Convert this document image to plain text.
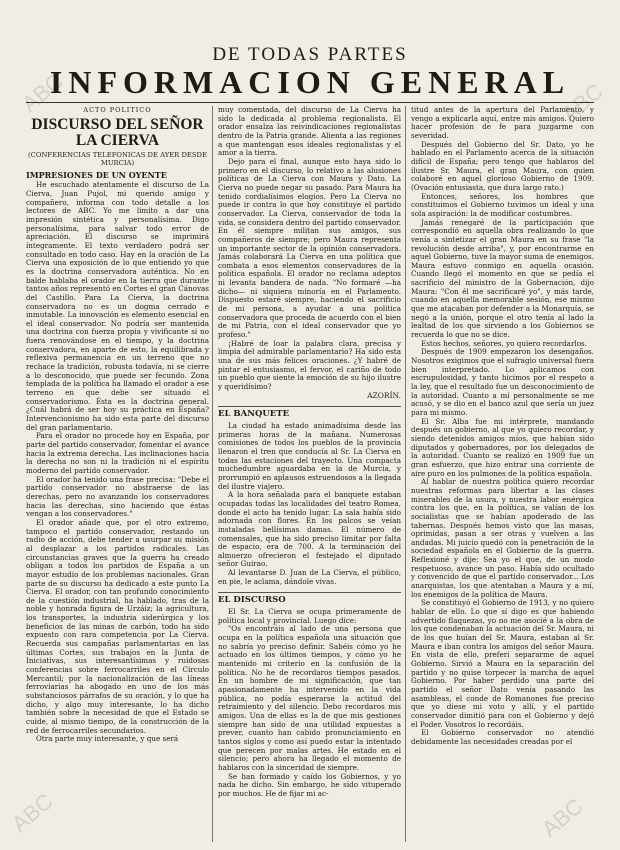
ABC	ABC
ABC	ABC
DE TODAS PARTES
INFORMACION GENERAL
ACTO POLITICO
DISCURSO DEL SEÑOR LA CIERVA
(CONFERENCIAS TELEFONICAS DE AYER DESDE MURCIA)
IMPRESIONES DE UN OYENTE

He escuchado atentamente el discurso de La Cierva, Juan Pujol, mi querido amigo y compañero, informa con todo detalle a los lectores de ABC. Yo me limito a dar una impresión sintética y personalísima. Digo personalísima, para salvar todo error de apreciación. El discurso se imprimirá íntegramente. El texto verdadero podrá ser consultado en todo caso. Hay en la oración de La Cierva una exposición de lo que entiendo yo que es la doctrina conservadora auténtica. No en balde hablaba el orador en la tierra que durante tantos años representó en Cortes el gran Cánovas del Castillo. Para La Cierva, la doctrina conservadora no es un dogma cerrado e inmutable. La innovación es elemento esencial en el ideal conservador. No podría ser mantenida una doctrina con fuerza propia y vivificante si no fuera renovándose en el tiempo, y la doctrina conservadora, en aparte de esto, la equilibrada y reflexiva permanencia en un terreno que no rechace la tradición, robusta todavía, ni se cierre a lo desconocido, que puede ser fecundo. Zona templada de la política ha llamado el orador a ese terreno en que debe ser situado el conservadorismo. Ésta es la doctrina general. ¿Cuál habrá de ser hoy su práctica en España? Intervencionismo ha sido esta parte del discurso del gran parlamentario.

Para el orador no procede hoy en España, por parte del partido conservador, fomentar el avance hacia la extrema derecha. Las inclinaciones hacia la derecha no son ni la tradición ni el espíritu moderno del partido conservador.

El orador ha tenido una frase precisa: "Debe el partido conservador no abstraerse de las derechas, pero no avanzando los conservadores hacia las derechas, sino haciendo que éstas vengan a los conservadores."

El orador añade que, por el otro extremo, tampoco el partido conservador, restando un radio de acción, debe tender a usurpar su misión al desplazar a los partidos radicales. Las circunstancias graves que la guerra ha creado obligan a todos los partidos de España a un mayor estudio de los problemas nacionales. Gran parte de su discurso ha dedicado a este punto La Cierva. El orador, con tan profundo conocimiento de la cuestión industrial, ha hablado, tras de la noble y honrada figura de Urzáiz; la agricultura, los transportes, la industria siderúrgica y los beneficios de las minas de carbón, todo ha sido expuesto con rara competencia por La Cierva. Recuerda sus campañas parlamentarias en las últimas Cortes, sus trabajos en la Junta de Iniciativas, sus interesantísimas y ruidosas conferencias sobre ferrocarriles en el Círculo Mercantil; por la nacionalización de las líneas ferroviarias ha abogado en uno de los más substanciosos párrafos de su oración, y lo que ha dicho, y algo muy interesante, lo ha dicho también sobre la necesidad de que el Estado se cuide, al mismo tiempo, de la construcción de la red de ferrocarriles secundarios.

Otra parte muy interesante, y que será

muy comentada, del discurso de La Cierva ha sido la dedicada al problema regionalista. El orador ensalza las reivindicaciones regionalistas dentro de la Patria grande. Alienta a las regiones a que mantengan esos ideales regionalistas y el amor a la tierra.

Dejo para el final, aunque esto haya sido lo primero en el discurso, lo relativo a las alusiones políticas de La Cierva con Maura y Dato. La Cierva no puede negar su pasado. Para Maura ha tenido cordialísimos elogios. Pero La Cierva no puede ir contra lo que hoy constituye el partido conservador. La Cierva, conservador de toda la vida, se considera dentro del partido conservador. En él siempre militan sus amigos, sus compañeros de siempre; pero Maura representa un importante sector de la opinión conservadora. Jamás colaborará La Cierva en una política que combata a esos elementos conservadores de la política española. El orador no reclama adeptos ni levanta bandera de nada. "No formaré —ha dicho— ni siquiera minoría en el Parlamento. Dispuesto estaré siempre, haciendo el sacrificio de mi persona, a ayudar a una política conservadora que proceda de acuerdo con el bien de mi Patria, con el ideal conservador que yo profeso."

¡Habré de loar la palabra clara, precisa y limpia del admirable parlamentario? Ha sido esta una de sus más felices oraciones. ¿Y habré de pintar el entusiasmo, el fervor, el cariño de todo un pueblo que siente la emoción de su hijo ilustre y queridísimo?

AZORÍN.
EL BANQUETE

La ciudad ha estado animadísima desde las primeras horas de la mañana. Numerosas comisiones de todos los pueblos de la provincia llenaron el tren que conducía al Sr. La Cierva en todas las estaciones del trayecto. Una compacta muchedumbre aguardaba en la de Murcia, y prorrumpió en aplausos estruendosos a la llegada del ilustre viajero.

A la hora señalada para el banquete estaban ocupadas todas las localidades del teatro Romea, donde el acto ha tenido lugar. La sala había sido adornada con flores. En los palcos se veían instaladas bellísimas damas. El número de comensales, que ha sido preciso limitar por falta de espacio, era de 700. A la terminación del almuerzo ofrecieron el festejado el diputado señor Guirao.

Al levantarse D. Juan de La Cierva, el público, en pie, le aclama, dándole vivas.

EL DISCURSO

El Sr. La Cierva se ocupa primeramente de política local y provincial. Luego dice:

"Os encontráis al lado de una persona que ocupa en la política española una situación que no sabría yo preciso definir. Sabéis cómo yo he actuado en los últimos tiempos, y cómo yo he mantenido mi criterio en la confusión de la política. No he de recordaros tiempos pasados. En un hombre de mi significación, que tan apasionadamente ha intervenido en la vida pública, no podía esperarse la actitud del retraimiento y del silencio. Debo recordaros mis amigos. Una de ellas es la de que mis gestiones siempre han sido de una utilidad expuestas a prever, cuanto han cabido pronunciamiento en tantos siglos y como así puedo estar la intentado que perecen por malas artes. He estado en el silencio; pero ahora ha llegado el momento de hablaros con la sinceridad de siempre.

Se han formado y caído los Gobiernos, y yo nada he dicho. Sin embargo, he sido vituperado por muchos. He de fijar mi ac-

titud antes de la apertura del Parlamento, y vengo a explicarla aquí, entre mis amigos. Quiero hacer profesión de fe para juzgarme con severidad.

Después del Gobierno del Sr. Dato, yo he hablado en el Parlamento acerca de la situación difícil de España; pero tengo que hablaros del ilustre Sr. Maura, el gran Maura, con quien colaboré en aquel glorioso Gobierno de 1909. (Ovación entusiasta, que dura largo rato.)

Entonces, señores, los hombres que constituimos el Gobierno tuvimos un ideal y una sola aspiración: la de modificar costumbres.

Jamás renegaré de la participación que correspondió en aquella obra realizando lo que venía a sintetizar el gran Maura en su frase "la revolución desde arriba", y, por encontrarme en aquel Gobierno, tuve la mayor suma de enemigos. Maura estuvo conmigo en aquella ocasión. Cuando llegó el momento en que se pedía el sacrificio del ministro de la Gobernación, dijo Maura: "Con él me sacrificaré yo", y más tarde, cuando en aquella memorable sesión, ese mismo que me atacaban por defender a la Monarquía, se negó a la unión, porque el otro tenía al lado la lealtad de los que sirviendo a los Gobiernos se recuerda lo que no se dice.

Estos hechos, señores, yo quiero recordarlos.

Después de 1909 empezaron los desengaños. Nosotros exigimos que el sufragio universal fuera bien interpretado. Lo aplicamos con escrupulosidad, y tanto hicimos por el respeto a la ley, que el resultado fue un desconocimiento de la autoridad. Cuanto a mí personalmente se me acusó, y se dio en el banco azul que sería un juez para mi mismo.

El Sr. Alba fue mi intérprete, mandando después un gobierno, al que yo quiero recordar, y siendo detenidos amigos míos, que habían sido diputados y gobernadores, por los delegados de la autoridad. Cuanto se realizó en 1909 fue un gran esfuerzo, que hizo entrar una corriente de aire puro en los pulmones de la política española.

Al hablar de nuestra política quiero recordar nuestras reformas para libertar a las clases miserables de la usura, y nuestra labor enérgica contra los que, en la política, se valían de los socialistas que se habían apoderado de las tabernas. Después hemos visto que las masas, oprimidas, pasan a ser otras y vuelven a las andadas. Mi juicio quedó con la penetración de la sociedad española en el Gobierno de la guerra. Reflexioné y dije: Sea yo el que, de un modo respetuoso, avance un paso. Había sido ocultado y convencido de que el partido conservador... Los anarquistas, los que atentaban a Maura y a mí, los enemigos de la política de Maura.

Se constituyó el Gobierno de 1913, y no quiero hablar de ello. Lo que sí digo es que habiendo advertido flaquezas, yo no me asocié a la obra de los que condenaban la actuación del Sr. Maura, ni de los que huían del Sr. Maura, estaban al Sr. Maura e iban contra los amigos del señor Maura. En vista de ello, preferí separarme de aquel Gobierno. Sirvió a Maura en la separación del partido y no quise torpecer la marcha de aquel Gobierno. Por haber perdido una parte del partido el señor Dato venía pasando las asambleas, el conde de Romanones fue preciso que yo diese mi voto y allí, y el partido conservador dimitió para con el Gobierno y dejó el Poder. Vosotros lo recordáis.

El Gobierno conservador no atendió debidamente las necesidades creadas por el
